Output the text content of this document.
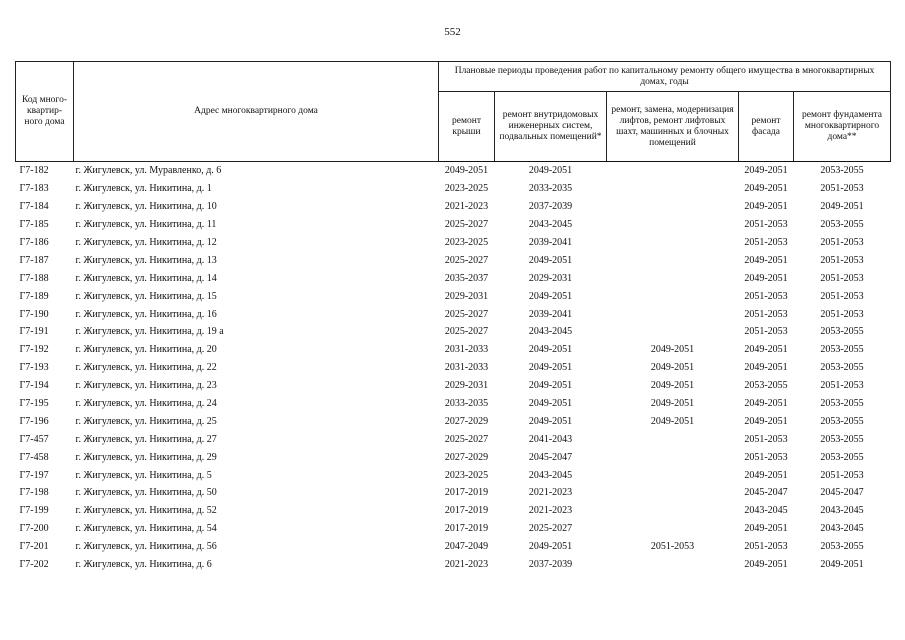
552
Код много-квартир-ного дома	Адрес многоквартирного дома	Плановые периоды проведения работ по капитальному ремонту общего имущества в многоквартирных домах, годы				
		ремонт крыши	ремонт внутридомовых инженерных систем, подвальных помещений*	ремонт, замена, модернизация лифтов, ремонт лифтовых шахт, машинных и блочных помещений	ремонт фасада	ремонт фундамента многоквартирного дома**
Г7-182	г. Жигулевск, ул. Муравленко, д. 6	2049-2051	2049-2051		2049-2051	2053-2055
Г7-183	г. Жигулевск, ул. Никитина, д. 1	2023-2025	2033-2035		2049-2051	2051-2053
Г7-184	г. Жигулевск, ул. Никитина, д. 10	2021-2023	2037-2039		2049-2051	2049-2051
Г7-185	г. Жигулевск, ул. Никитина, д. 11	2025-2027	2043-2045		2051-2053	2053-2055
Г7-186	г. Жигулевск, ул. Никитина, д. 12	2023-2025	2039-2041		2051-2053	2051-2053
Г7-187	г. Жигулевск, ул. Никитина, д. 13	2025-2027	2049-2051		2049-2051	2051-2053
Г7-188	г. Жигулевск, ул. Никитина, д. 14	2035-2037	2029-2031		2049-2051	2051-2053
Г7-189	г. Жигулевск, ул. Никитина, д. 15	2029-2031	2049-2051		2051-2053	2051-2053
Г7-190	г. Жигулевск, ул. Никитина, д. 16	2025-2027	2039-2041		2051-2053	2051-2053
Г7-191	г. Жигулевск, ул. Никитина, д. 19 а	2025-2027	2043-2045		2051-2053	2053-2055
Г7-192	г. Жигулевск, ул. Никитина, д. 20	2031-2033	2049-2051	2049-2051	2049-2051	2053-2055
Г7-193	г. Жигулевск, ул. Никитина, д. 22	2031-2033	2049-2051	2049-2051	2049-2051	2053-2055
Г7-194	г. Жигулевск, ул. Никитина, д. 23	2029-2031	2049-2051	2049-2051	2053-2055	2051-2053
Г7-195	г. Жигулевск, ул. Никитина, д. 24	2033-2035	2049-2051	2049-2051	2049-2051	2053-2055
Г7-196	г. Жигулевск, ул. Никитина, д. 25	2027-2029	2049-2051	2049-2051	2049-2051	2053-2055
Г7-457	г. Жигулевск, ул. Никитина, д. 27	2025-2027	2041-2043		2051-2053	2053-2055
Г7-458	г. Жигулевск, ул. Никитина, д. 29	2027-2029	2045-2047		2051-2053	2053-2055
Г7-197	г. Жигулевск, ул. Никитина, д. 5	2023-2025	2043-2045		2049-2051	2051-2053
Г7-198	г. Жигулевск, ул. Никитина, д. 50	2017-2019	2021-2023		2045-2047	2045-2047
Г7-199	г. Жигулевск, ул. Никитина, д. 52	2017-2019	2021-2023		2043-2045	2043-2045
Г7-200	г. Жигулевск, ул. Никитина, д. 54	2017-2019	2025-2027		2049-2051	2043-2045
Г7-201	г. Жигулевск, ул. Никитина, д. 56	2047-2049	2049-2051	2051-2053	2051-2053	2053-2055
Г7-202	г. Жигулевск, ул. Никитина, д. 6	2021-2023	2037-2039		2049-2051	2049-2051
